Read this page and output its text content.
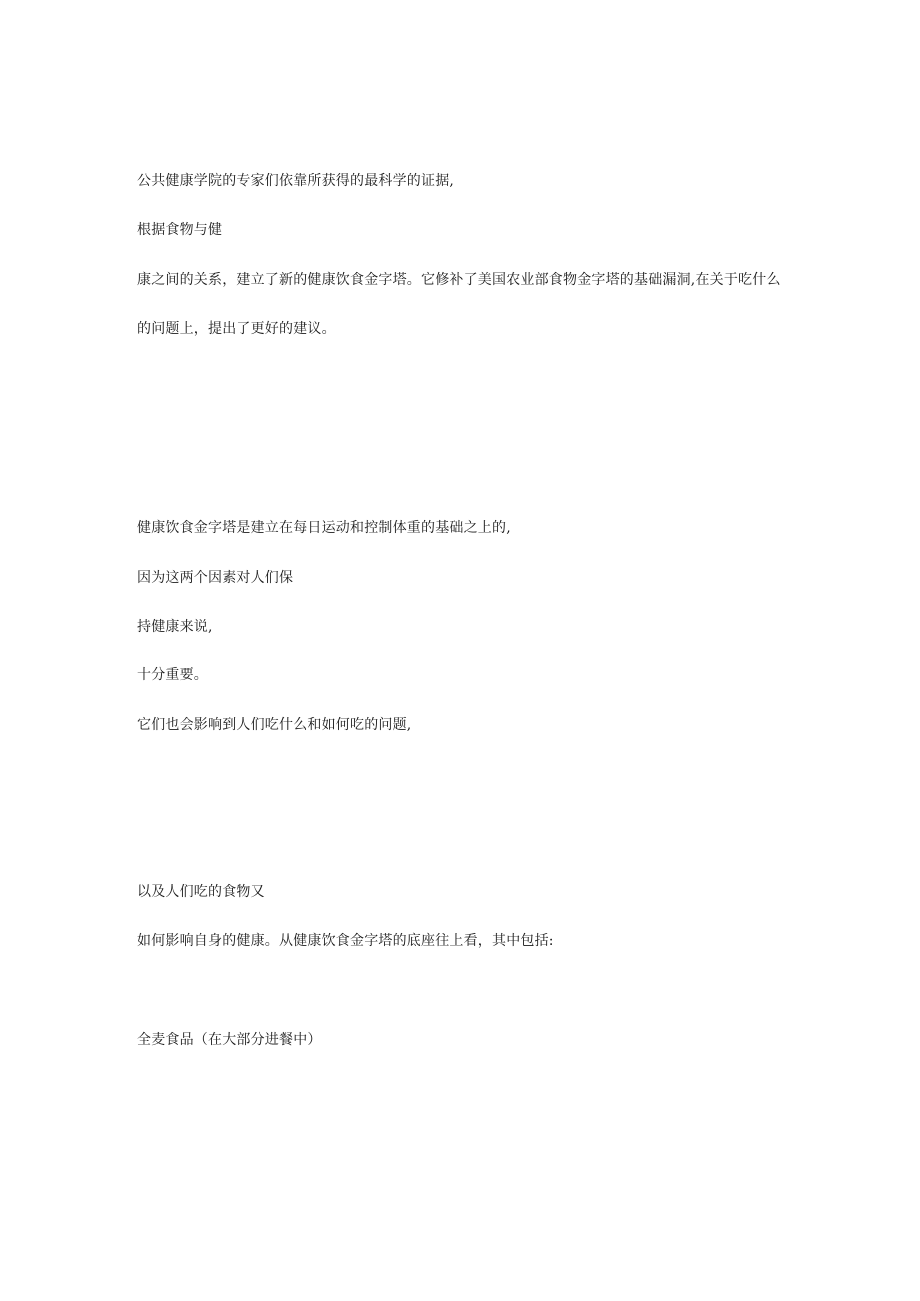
公共健康学院的专家们依靠所获得的最科学的证据,
根据食物与健
康之间的关系，建立了新的健康饮食金字塔。它修补了美国农业部食物金字塔的基础漏洞,在关于吃什么
的问题上，提出了更好的建议。
健康饮食金字塔是建立在每日运动和控制体重的基础之上的,
因为这两个因素对人们保
持健康来说,
十分重要。
它们也会影响到人们吃什么和如何吃的问题,
以及人们吃的食物又
如何影响自身的健康。从健康饮食金字塔的底座往上看，其中包括:
全麦食品（在大部分进餐中）
